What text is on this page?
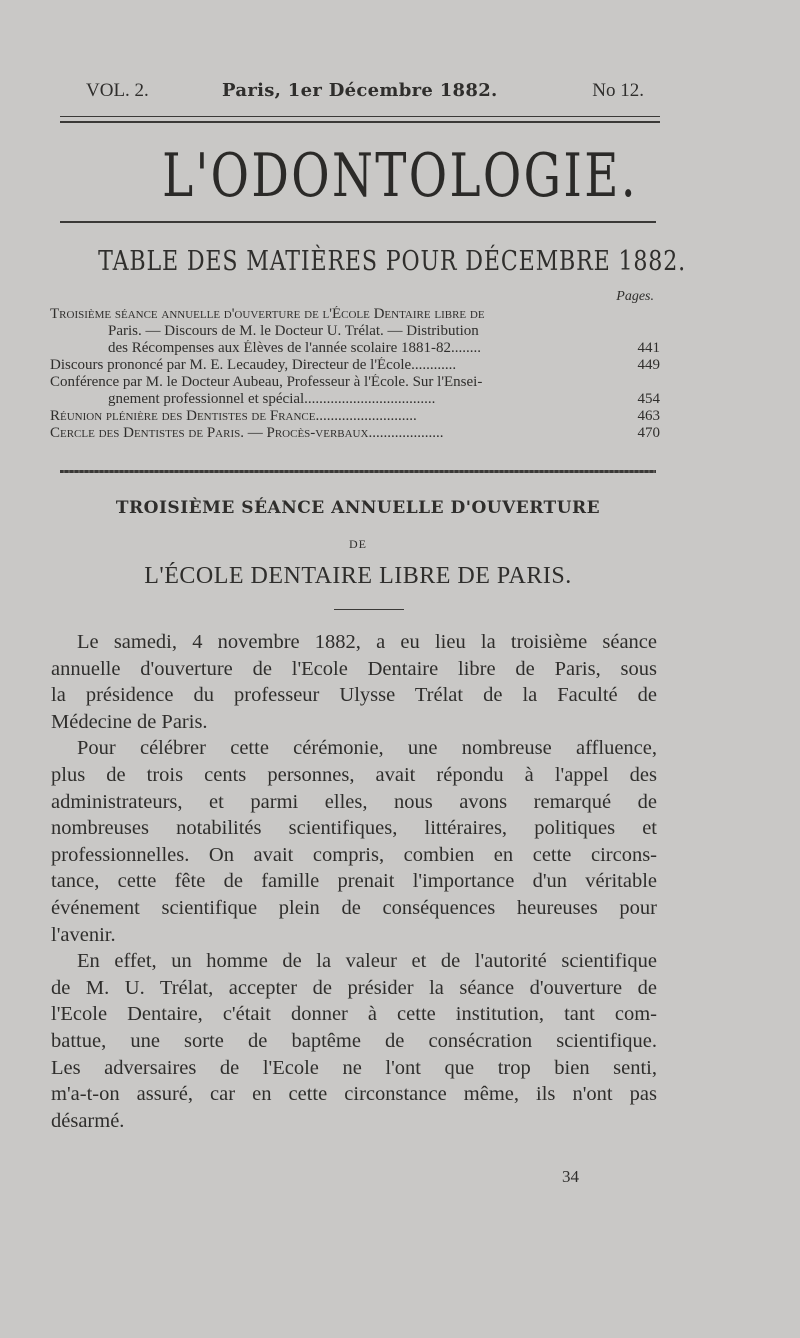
VOL. 2.	Paris, 1er Décembre 1882.	No 12.
L'ODONTOLOGIE.
TABLE DES MATIÈRES POUR DÉCEMBRE 1882.
Pages.
Troisième séance annuelle d'ouverture de l'École Dentaire libre de
Paris. — Discours de M. le Docteur U. Trélat. — Distribution
des Récompenses aux Élèves de l'année scolaire 1881-82........	441
Discours prononcé par M. E. Lecaudey, Directeur de l'École............	449
Conférence par M. le Docteur Aubeau, Professeur à l'École. Sur l'Ensei-
gnement professionnel et spécial...................................	454
Réunion plénière des Dentistes de France...........................	463
Cercle des Dentistes de Paris. — Procès-verbaux....................	470
TROISIÈME SÉANCE ANNUELLE D'OUVERTURE
DE
L'ÉCOLE DENTAIRE LIBRE DE PARIS.
Le samedi, 4 novembre 1882, a eu lieu la troisième séance
annuelle d'ouverture de l'Ecole Dentaire libre de Paris, sous
la présidence du professeur Ulysse Trélat de la Faculté de
Médecine de Paris.
Pour célébrer cette cérémonie, une nombreuse affluence,
plus de trois cents personnes, avait répondu à l'appel des
administrateurs, et parmi elles, nous avons remarqué de
nombreuses notabilités scientifiques, littéraires, politiques et
professionnelles. On avait compris, combien en cette circons-
tance, cette fête de famille prenait l'importance d'un véritable
événement scientifique plein de conséquences heureuses pour
l'avenir.
En effet, un homme de la valeur et de l'autorité scientifique
de M. U. Trélat, accepter de présider la séance d'ouverture de
l'Ecole Dentaire, c'était donner à cette institution, tant com-
battue, une sorte de baptême de consécration scientifique.
Les adversaires de l'Ecole ne l'ont que trop bien senti,
m'a-t-on assuré, car en cette circonstance même, ils n'ont pas
désarmé.
34
